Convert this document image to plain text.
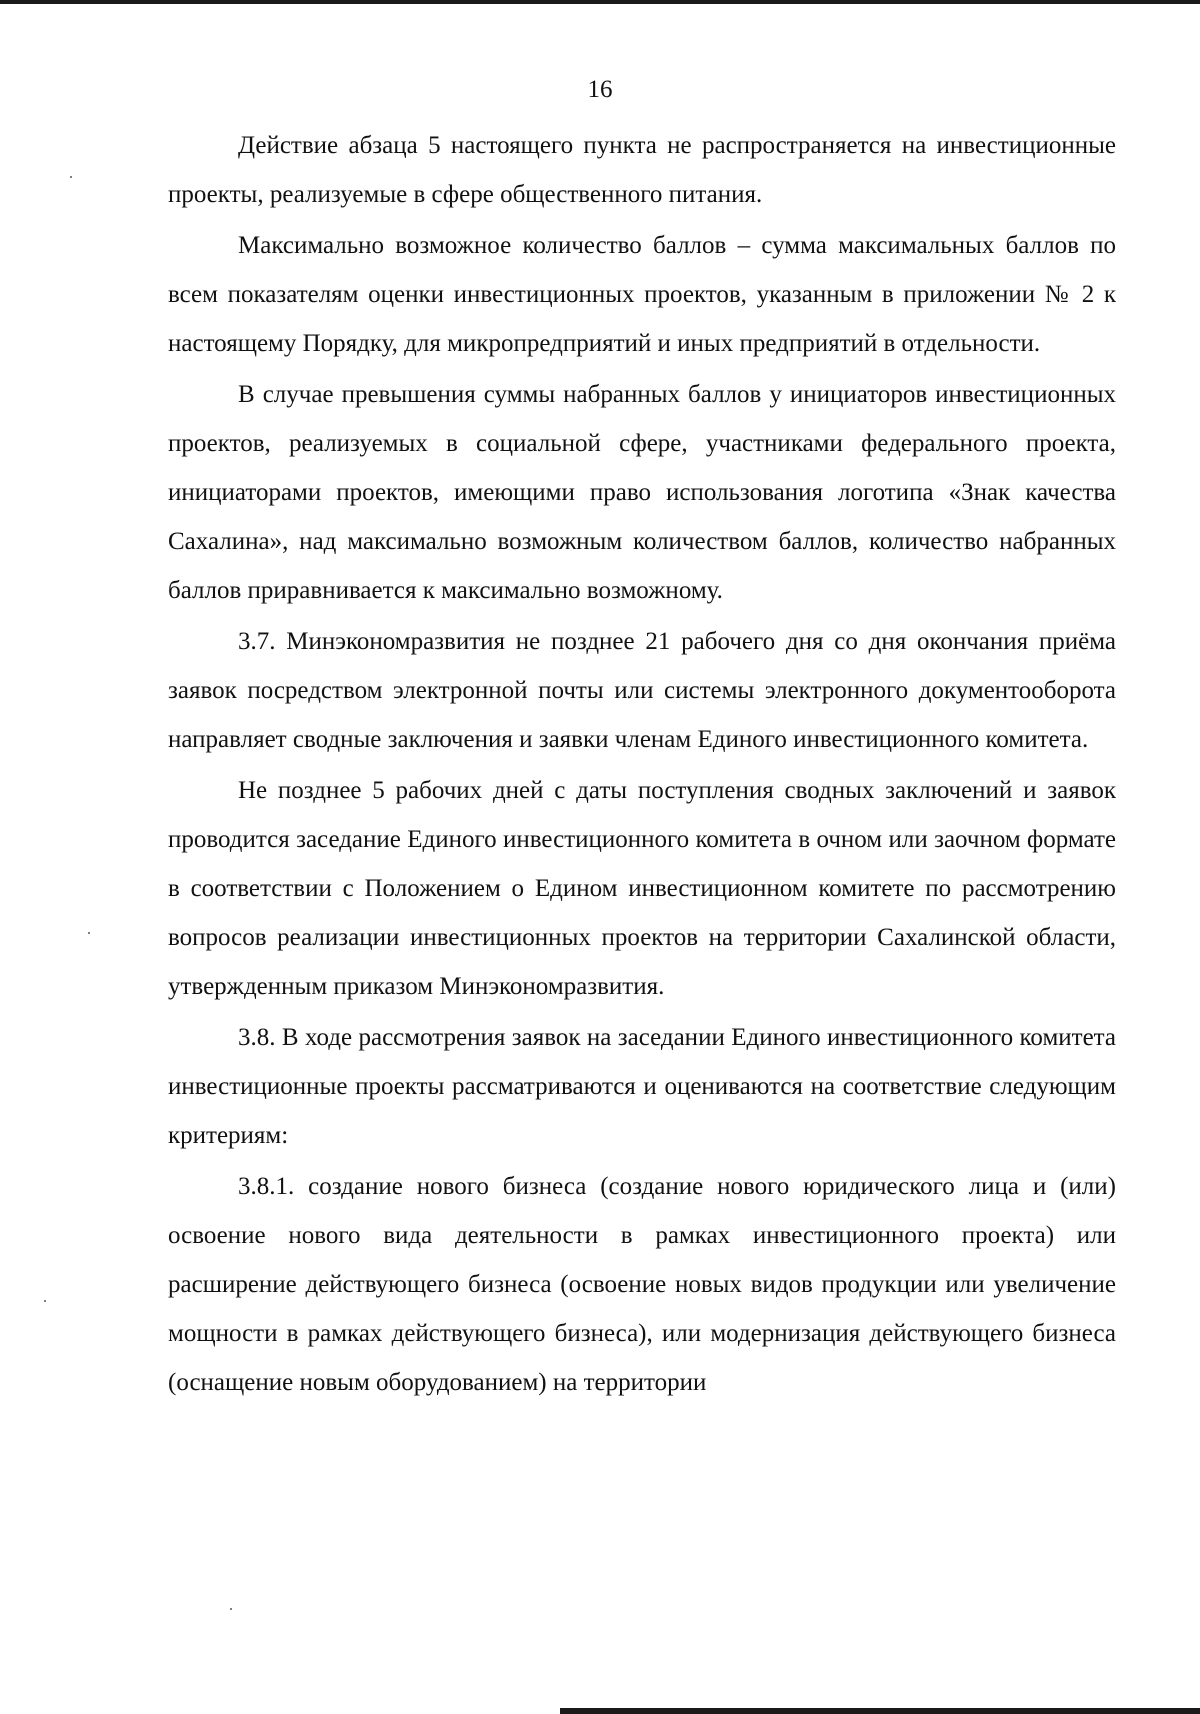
16

Действие абзаца 5 настоящего пункта не распространяется на инвестиционные проекты, реализуемые в сфере общественного питания.

Максимально возможное количество баллов – сумма максимальных баллов по всем показателям оценки инвестиционных проектов, указанным в приложении № 2 к настоящему Порядку, для микропредприятий и иных предприятий в отдельности.

В случае превышения суммы набранных баллов у инициаторов инвестиционных проектов, реализуемых в социальной сфере, участниками федерального проекта, инициаторами проектов, имеющими право использования логотипа «Знак качества Сахалина», над максимально возможным количеством баллов, количество набранных баллов приравнивается к максимально возможному.

3.7. Минэкономразвития не позднее 21 рабочего дня со дня окончания приёма заявок посредством электронной почты или системы электронного документооборота направляет сводные заключения и заявки членам Единого инвестиционного комитета.

Не позднее 5 рабочих дней с даты поступления сводных заключений и заявок проводится заседание Единого инвестиционного комитета в очном или заочном формате в соответствии с Положением о Едином инвестиционном комитете по рассмотрению вопросов реализации инвестиционных проектов на территории Сахалинской области, утвержденным приказом Минэкономразвития.

3.8. В ходе рассмотрения заявок на заседании Единого инвестиционного комитета инвестиционные проекты рассматриваются и оцениваются на соответствие следующим критериям:

3.8.1. создание нового бизнеса (создание нового юридического лица и (или) освоение нового вида деятельности в рамках инвестиционного проекта) или расширение действующего бизнеса (освоение новых видов продукции или увеличение мощности в рамках действующего бизнеса), или модернизация действующего бизнеса (оснащение новым оборудованием) на территории
